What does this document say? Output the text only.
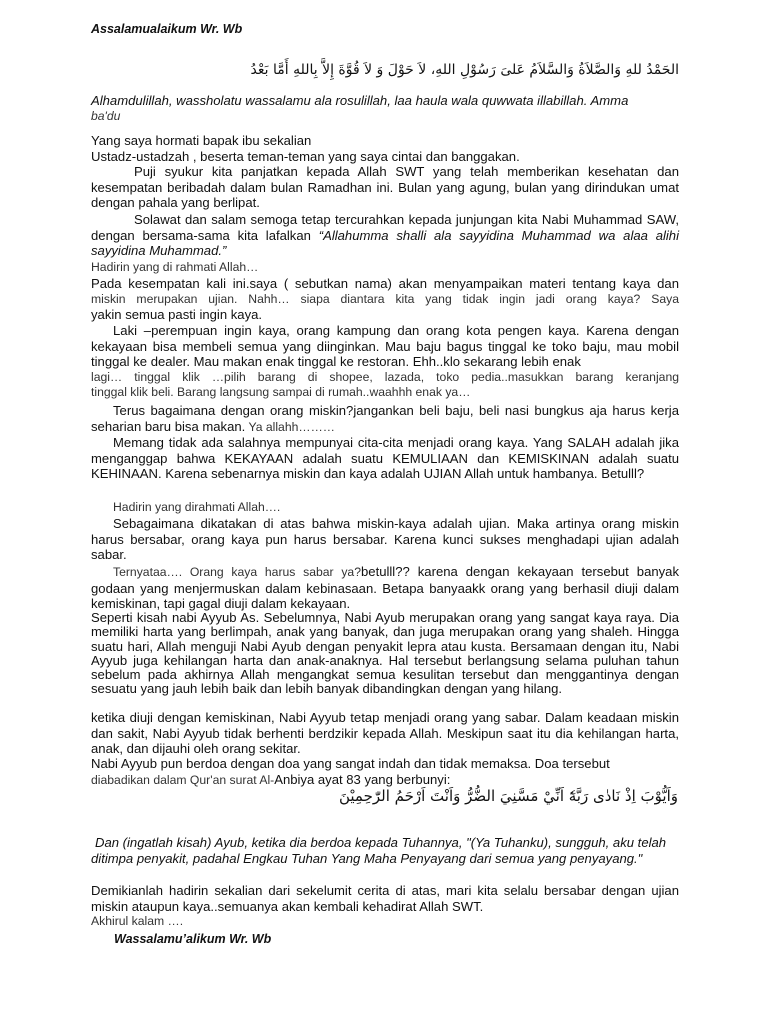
Assalamualaikum Wr. Wb
الحَمْدُ للهِ وَالصَّلاَةُ وَالسَّلاَمُ عَلىَ رَسُوْلِ اللهِ، لاَ حَوْلَ وَ لاَ قُوَّةَ إِلاَّ بِاللهِ أَمَّا بَعْدُ
Alhamdulillah, wassholatu wassalamu ala rosulillah, laa haula wala quwwata illabillah. Amma
ba'du
Yang saya hormati bapak ibu sekalian
Ustadz-ustadzah , beserta teman-teman yang saya cintai dan banggakan.
Puji syukur kita panjatkan kepada Allah SWT yang telah memberikan kesehatan dan kesempatan beribadah dalam bulan Ramadhan ini. Bulan yang agung, bulan yang dirindukan umat dengan pahala yang berlipat.
Solawat dan salam semoga tetap tercurahkan kepada junjungan kita Nabi Muhammad SAW, dengan bersama-sama kita lafalkan “Allahumma shalli ala sayyidina Muhammad wa alaa alihi sayyidina Muhammad.”
Hadirin yang di rahmati Allah…
Pada kesempatan kali ini.saya ( sebutkan nama) akan menyampaikan materi tentang kaya dan
miskin merupakan ujian. Nahh… siapa diantara kita yang tidak ingin jadi orang kaya? Saya
yakin semua pasti ingin kaya.
Laki –perempuan ingin kaya, orang kampung dan orang kota pengen kaya. Karena dengan kekayaan bisa membeli semua yang diinginkan. Mau baju bagus tinggal ke toko baju, mau mobil tinggal ke dealer. Mau makan enak tinggal ke restoran. Ehh..klo sekarang lebih enak
lagi… tinggal klik …pilih barang di shopee, lazada, toko pedia..masukkan barang keranjang
tinggal klik beli. Barang langsung sampai di rumah..waahhh enak ya…
Terus bagaimana dengan orang miskin?jangankan beli baju, beli nasi bungkus aja harus kerja seharian baru bisa makan. Ya allahh………
Memang tidak ada salahnya mempunyai cita-cita menjadi orang kaya. Yang SALAH adalah jika menganggap bahwa KEKAYAAN adalah suatu KEMULIAAN dan KEMISKINAN adalah suatu KEHINAAN. Karena sebenarnya miskin dan kaya adalah UJIAN Allah untuk hambanya. Betulll?
Hadirin yang dirahmati Allah….
Sebagaimana dikatakan di atas bahwa miskin-kaya adalah ujian. Maka artinya orang miskin harus bersabar, orang kaya pun harus bersabar. Karena kunci sukses menghadapi ujian adalah sabar.
Ternyataa…. Orang kaya harus sabar ya?betulll?? karena dengan kekayaan tersebut banyak godaan yang menjermuskan dalam kebinasaan. Betapa banyaakk orang yang berhasil diuji dalam kemiskinan, tapi gagal diuji dalam kekayaan.
Seperti kisah nabi Ayyub As. Sebelumnya, Nabi Ayub merupakan orang yang sangat kaya raya. Dia memiliki harta yang berlimpah, anak yang banyak, dan juga merupakan orang yang shaleh. Hingga suatu hari, Allah menguji Nabi Ayub dengan penyakit lepra atau kusta. Bersamaan dengan itu, Nabi Ayyub juga kehilangan harta dan anak-anaknya. Hal tersebut berlangsung selama puluhan tahun sebelum pada akhirnya Allah mengangkat semua kesulitan tersebut dan menggantinya dengan sesuatu yang jauh lebih baik dan lebih banyak dibandingkan dengan yang hilang.
ketika diuji dengan kemiskinan, Nabi Ayyub tetap menjadi orang yang sabar. Dalam keadaan miskin dan sakit, Nabi Ayyub tidak berhenti berdzikir kepada Allah. Meskipun saat itu dia kehilangan harta, anak, dan dijauhi oleh orang sekitar.
Nabi Ayyub pun berdoa dengan doa yang sangat indah dan tidak memaksa. Doa tersebut
diabadikan dalam Qur'an surat Al-Anbiya ayat 83 yang berbunyi:
وَاَيُّوْبَ اِذْ نَادٰى رَبَّهٗٓ اَنِّيْ مَسَّنِيَ الضُّرُّ وَاَنْتَ اَرْحَمُ الرّٰحِمِيْنَ
Dan (ingatlah kisah) Ayub, ketika dia berdoa kepada Tuhannya, "(Ya Tuhanku), sungguh, aku telah ditimpa penyakit, padahal Engkau Tuhan Yang Maha Penyayang dari semua yang penyayang."
Demikianlah hadirin sekalian dari sekelumit cerita di atas, mari kita selalu bersabar dengan ujian miskin ataupun kaya..semuanya akan kembali kehadirat Allah SWT.
Akhirul kalam ….
Wassalamu’alikum Wr. Wb
